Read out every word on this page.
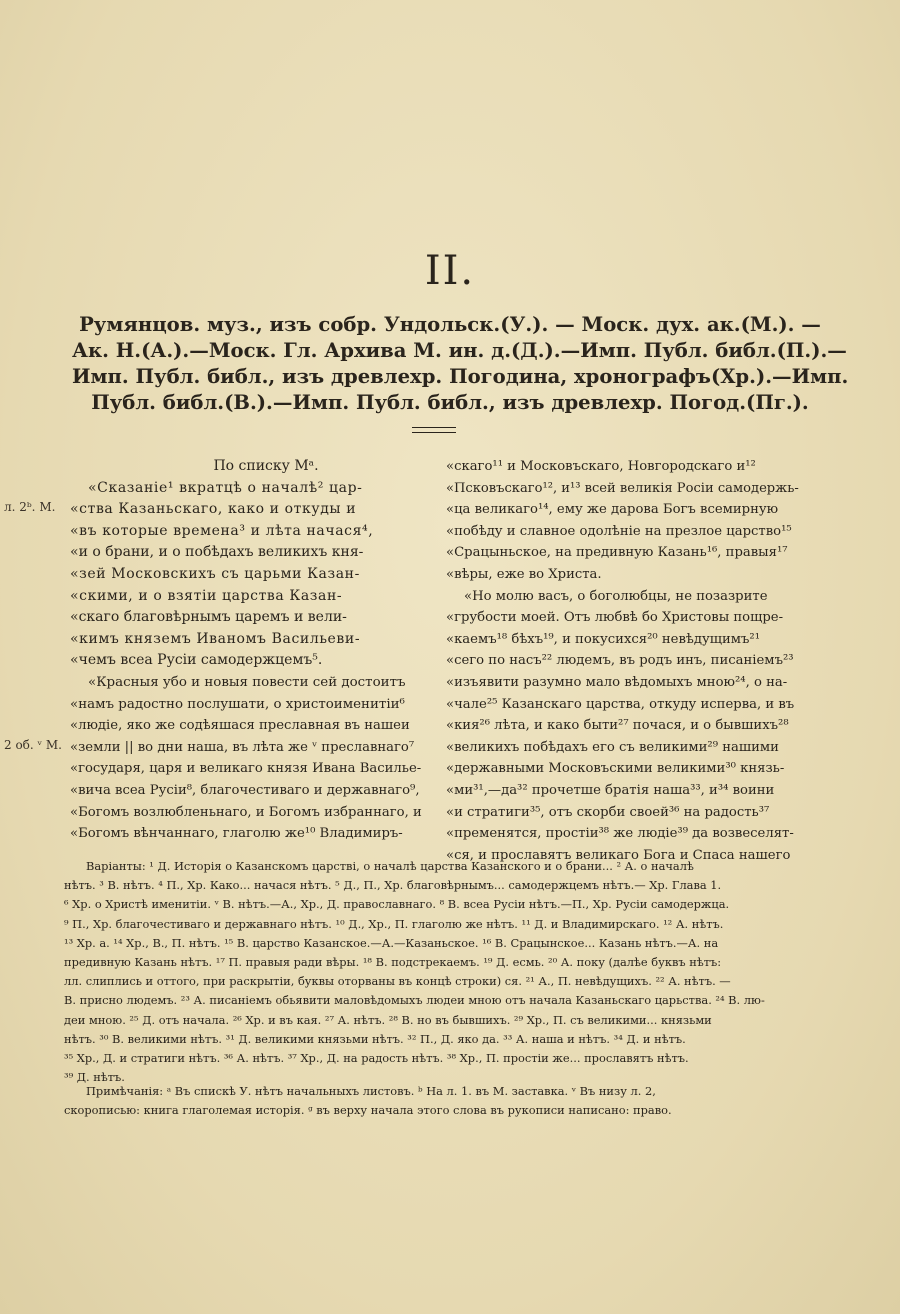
II.
Румянцов. муз., изъ собр. Ундольск.(У.). — Моск. дух. ак.(М.). —
Ак. Н.(А.).—Моск. Гл. Архива М. ин. д.(Д.).—Имп. Публ. библ.(П.).—
Имп. Публ. библ., изъ древлехр. Погодина, хронографъ(Хр.).—Имп.
Публ. библ.(В.).—Имп. Публ. библ., изъ древлехр. Погод.(Пг.).
л. 2ᵇ. М.
2 об. ᵛ М.
По списку Мᵃ.
«Сказанiе¹ вкратцѣ о началѣ² цар-
«ства Казаньскаго, како и откуды и
«въ которые времена³ и лѣта начася⁴,
«и о брани, и о побѣдахъ великихъ кня-
«зей Московскихъ съ царьми Казан-
«скими, и о взятiи царства Казан-
«скаго благовѣрнымъ царемъ и вели-
«кимъ княземъ Иваномъ Васильеви-
«чемъ всеа Русiи самодержцемъ⁵.
«Красныя убо и новыя повести сей достоитъ
«намъ радостно послушати, о христоименитiи⁶
«людiе, яко же содѣяшася преславная въ нашеи
«земли || во дни наша, въ лѣта же ᵛ преславнаго⁷
«государя, царя и великаго князя Ивана Василье-
«вича всеа Русiи⁸, благочестиваго и державнаго⁹,
«Богомъ возлюбленьнаго, и Богомъ избраннаго, и
«Богомъ вѣнчаннаго, глаголю же¹⁰ Владимиръ-
«скаго¹¹ и Московъскаго, Новгородскаго и¹²
«Псковъскаго¹², и¹³ всей великiя Росiи самодержь-
«ца великаго¹⁴, ему же дарова Богъ всемирную
«побѣду и славное одолѣнie на презлое царство¹⁵
«Срацыньское, на предивную Казань¹⁶, правыя¹⁷
«вѣры, еже во Христа.
«Но молю васъ, о боголюбцы, не позазрите
«грубости моей. Отъ любвѣ бо Христовы пощре-
«каемъ¹⁸ бѣхъ¹⁹, и покусихся²⁰ невѣдущимъ²¹
«сего по насъ²² людемъ, въ родъ инъ, писанiемъ²³
«изъявити разумно мало вѣдомыхъ мною²⁴, о на-
«чале²⁵ Казанскаго царства, откуду исперва, и въ
«кия²⁶ лѣта, и како быти²⁷ почася, и о бывшихъ²⁸
«великихъ побѣдахъ его съ великими²⁹ нашими
«державными Московъскими великими³⁰ князь-
«ми³¹,—да³² прочетше братiя наша³³, и³⁴ воини
«и стратиги³⁵, отъ скорби своей³⁶ на радость³⁷
«пременятся, простiи³⁸ же людiе³⁹ да возвеселят-
«ся, и прославятъ великаго Бога и Спаса нашего
Варiанты: ¹ Д. Исторiя о Казанскомъ царствi, о началѣ царства Казанского и о брани... ² А. о началѣ
нѣтъ. ³ В. нѣтъ. ⁴ П., Хр. Како... начася нѣтъ. ⁵ Д., П., Хр. благовѣрнымъ... самодержцемъ нѣтъ.— Хр. Глава 1.
⁶ Хр. о Христѣ именитiи. ᵛ В. нѣтъ.—А., Хр., Д. православнаго. ⁸ В. всеа Русiи нѣтъ.—П., Хр. Русiи самодержца.
⁹ П., Хр. благочестиваго и державнаго нѣтъ. ¹⁰ Д., Хр., П. глаголю же нѣтъ. ¹¹ Д. и Владимирскаго. ¹² А. нѣтъ.
¹³ Хр. а. ¹⁴ Хр., В., П. нѣтъ. ¹⁵ В. царство Казанское.—А.—Казаньское. ¹⁶ В. Срацынское... Казань нѣтъ.—А. на
предивную Казань нѣтъ. ¹⁷ П. правыя ради вѣры. ¹⁸ В. подстрекаемъ. ¹⁹ Д. есмь. ²⁰ А. поку (далѣе буквъ нѣтъ:
лл. слиплись и оттого, при раскрытiи, буквы оторваны въ концѣ строки) ся. ²¹ А., П. невѣдущихъ. ²² А. нѣтъ. —
В. присно людемъ. ²³ А. писанiемъ обьявити маловѣдомыхъ людеи мною отъ начала Казаньскаго царьства. ²⁴ В. лю-
деи мною. ²⁵ Д. отъ начала. ²⁶ Хр. и въ кая. ²⁷ А. нѣтъ. ²⁸ В. но въ бывшихъ. ²⁹ Хр., П. съ великими... князьми
нѣтъ. ³⁰ В. великими нѣтъ. ³¹ Д. великими князьми нѣтъ. ³² П., Д. яко да. ³³ А. наша и нѣтъ. ³⁴ Д. и нѣтъ.
³⁵ Хр., Д. и стратиги нѣтъ. ³⁶ А. нѣтъ. ³⁷ Хр., Д. на радость нѣтъ. ³⁸ Хр., П. простiи же... прославятъ нѣтъ.
³⁹ Д. нѣтъ.
Примѣчанiя: ᵃ Въ спискѣ У. нѣтъ начальныхъ листовъ. ᵇ На л. 1. въ М. заставка. ᵛ Въ низу л. 2,
скорописью: книга глаголемая исторiя. ᵍ въ верху начала этого слова въ рукописи написано: право.
